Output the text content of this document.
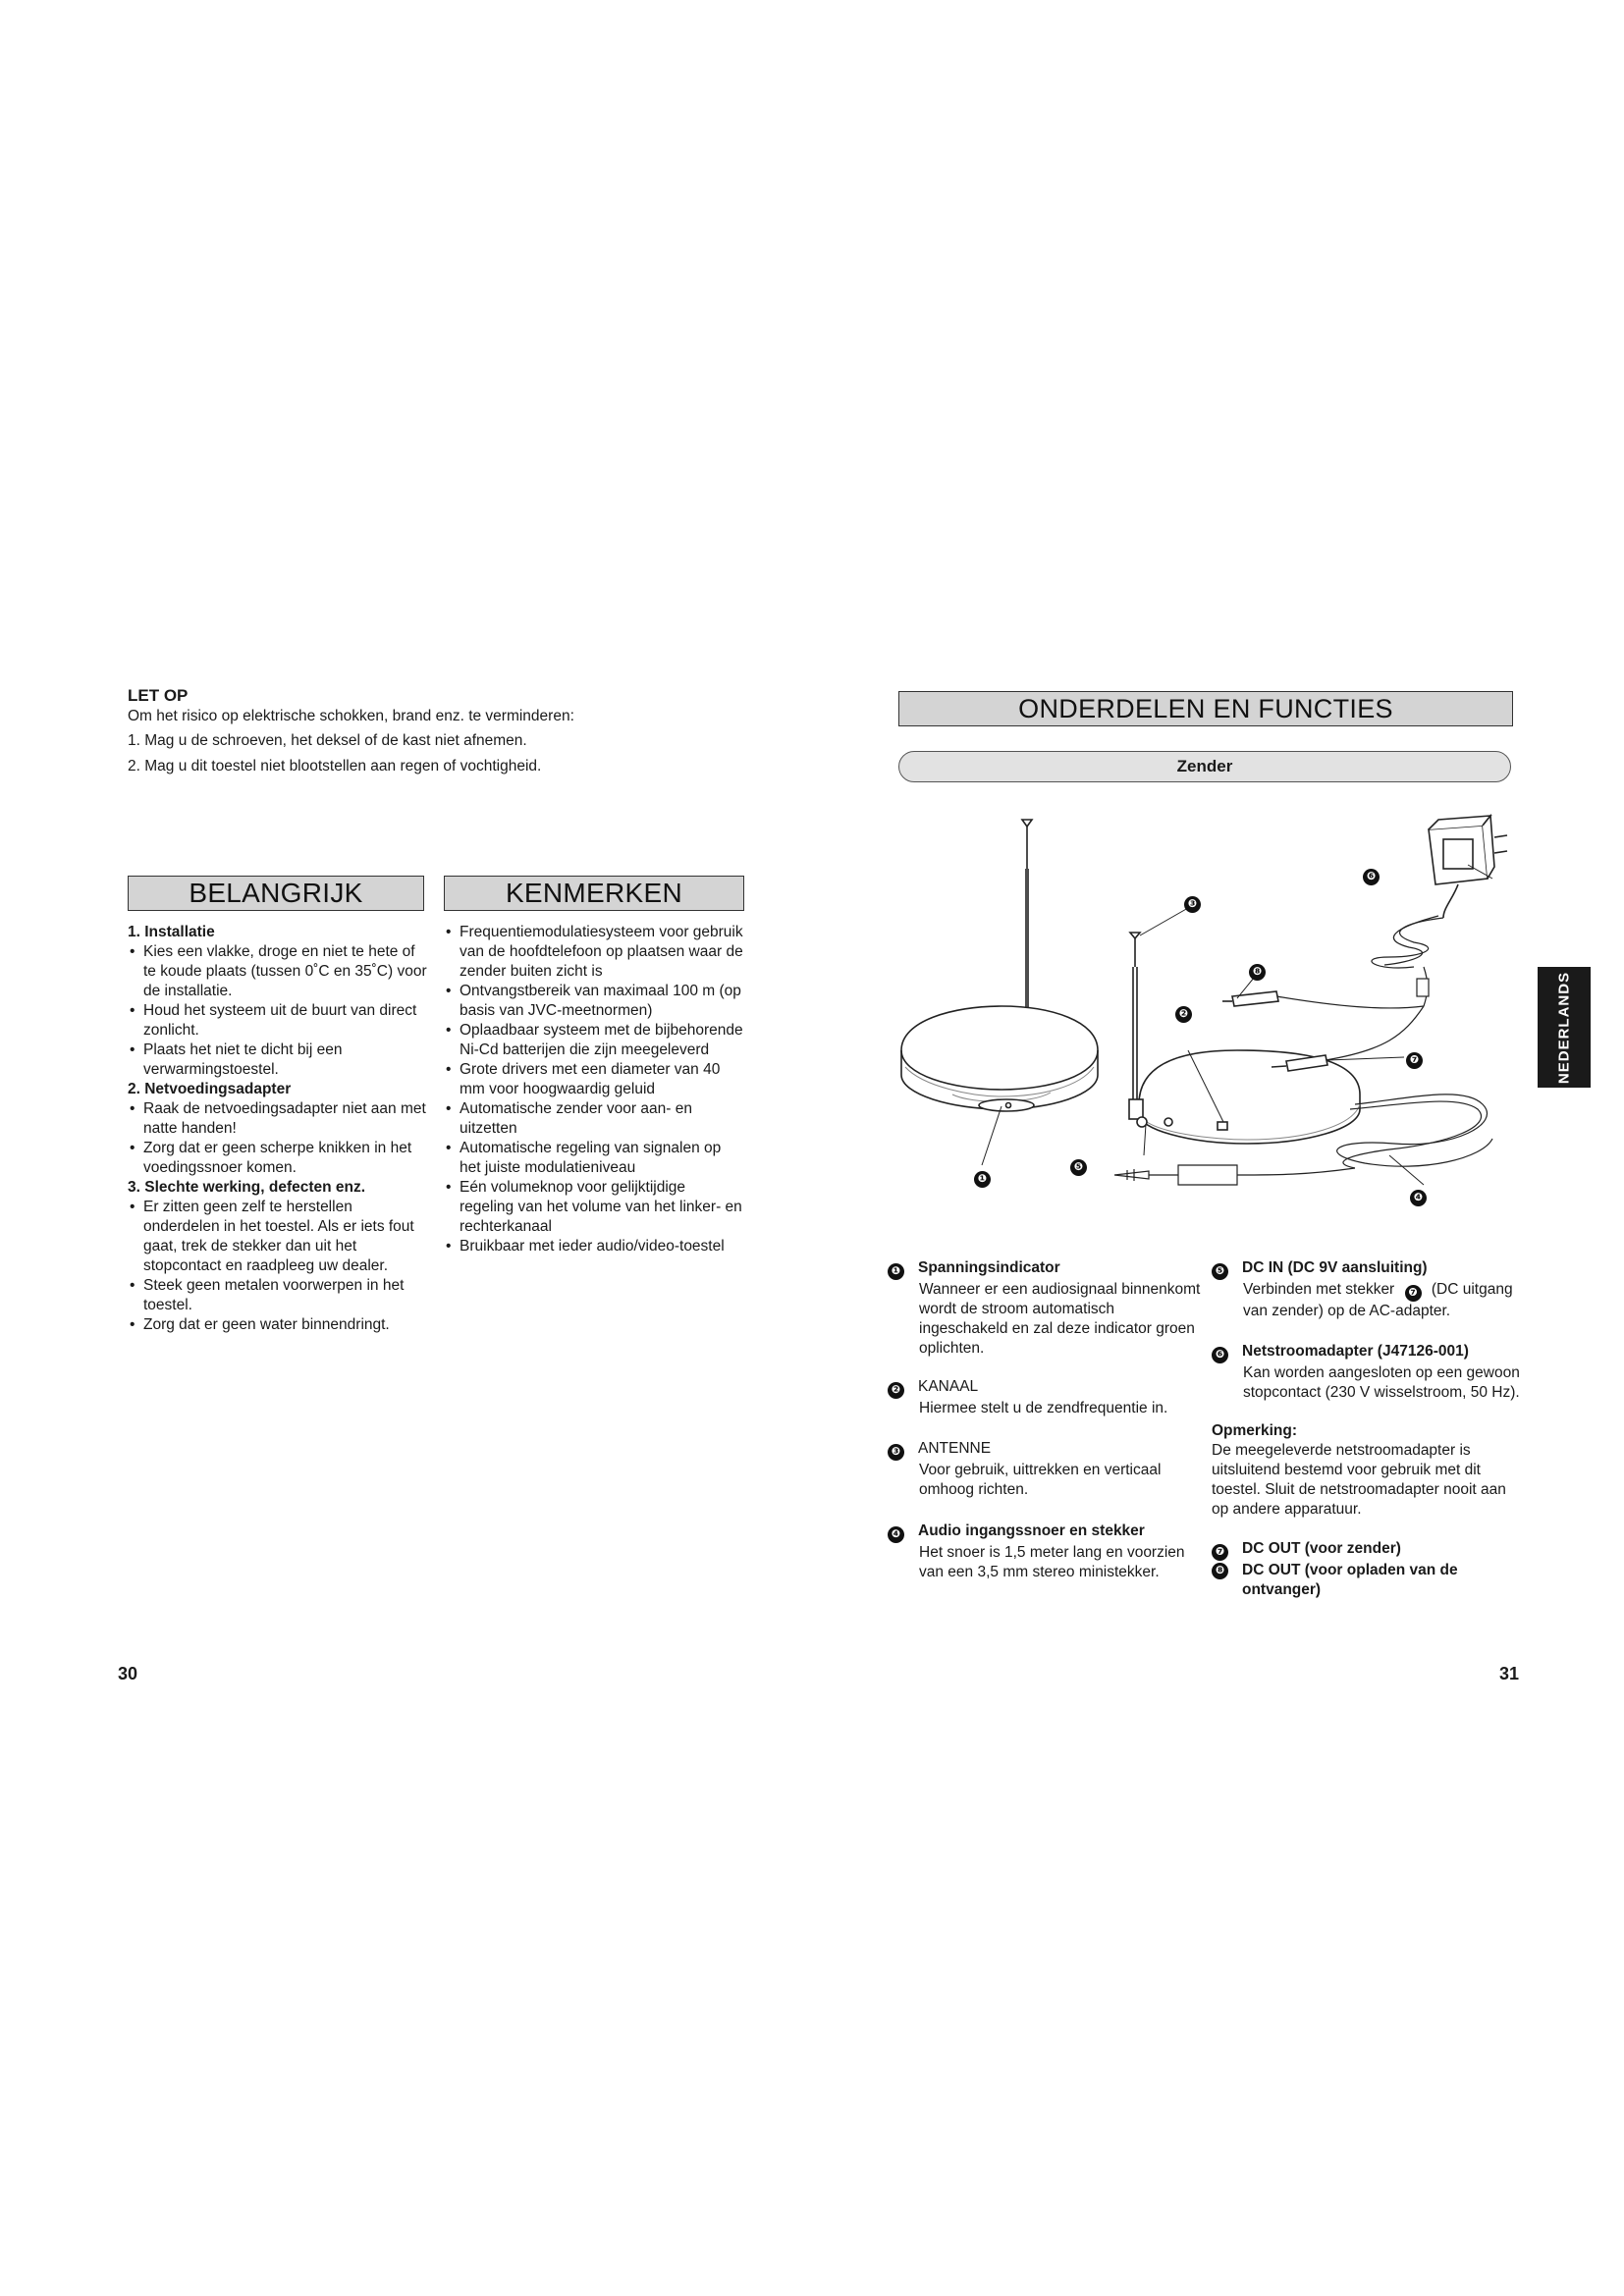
LET OP
Om het risico op elektrische schokken, brand enz. te verminderen:
1. Mag u de schroeven, het deksel of de kast niet afnemen.
2. Mag u dit toestel niet blootstellen aan regen of vochtigheid.
BELANGRIJK	KENMERKEN
1. Installatie
• Kies een vlakke, droge en niet te hete of te koude plaats (tussen 0˚C en 35˚C) voor de installatie.
• Houd het systeem uit de buurt van direct zonlicht.
• Plaats het niet te dicht bij een verwarmingstoestel.
2. Netvoedingsadapter
• Raak de netvoedingsadapter niet aan met natte handen!
• Zorg dat er geen scherpe knikken in het voedingssnoer komen.
3. Slechte werking, defecten enz.
• Er zitten geen zelf te herstellen onderdelen in het toestel. Als er iets fout gaat, trek de stekker dan uit het stopcontact en raadpleeg uw dealer.
• Steek geen metalen voorwerpen in het toestel.
• Zorg dat er geen water binnendringt.
• Frequentiemodulatiesysteem voor gebruik van de hoofdtelefoon op plaatsen waar de zender buiten zicht is
• Ontvangstbereik van maximaal 100 m (op basis van JVC-meetnormen)
• Oplaadbaar systeem met de bijbehorende Ni-Cd batterijen die zijn meegeleverd
• Grote drivers met een diameter van 40 mm voor hoogwaardig geluid
• Automatische zender voor aan- en uitzetten
• Automatische regeling van signalen op het juiste modulatieniveau
• Eén volumeknop voor gelijktijdige regeling van het volume van het linker- en rechterkanaal
• Bruikbaar met ieder audio/video-toestel
30
ONDERDELEN EN FUNCTIES
Zender
❶
❷
❸
❹
❺
❻
❼
❽
❶ Spanningsindicator
Wanneer er een audiosignaal binnenkomt wordt de stroom automatisch ingeschakeld en zal deze indicator groen oplichten.
❷ KANAAL
Hiermee stelt u de zendfrequentie in.
❸ ANTENNE
Voor gebruik, uittrekken en verticaal omhoog richten.
❹ Audio ingangssnoer en stekker
Het snoer is 1,5 meter lang en voorzien van een 3,5 mm stereo ministekker.
❺ DC IN (DC 9V aansluiting)
Verbinden met stekker ❼ (DC uitgang van zender) op de AC-adapter.
❻ Netstroomadapter (J47126-001)
Kan worden aangesloten op een gewoon stopcontact (230 V wisselstroom, 50 Hz).
Opmerking:
De meegeleverde netstroomadapter is uitsluitend bestemd voor gebruik met dit toestel. Sluit de netstroomadapter nooit aan op andere apparatuur.
❼ DC OUT (voor zender)
❽ DC OUT (voor opladen van de ontvanger)
NEDERLANDS
31
